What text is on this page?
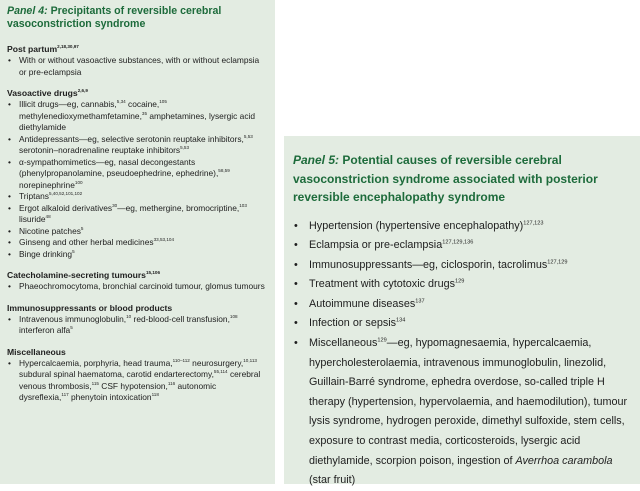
Panel 4: Precipitants of reversible cerebral vasoconstriction syndrome
Post partum$^{2,18,30,97}$
• With or without vasoactive substances, with or without eclampsia or pre-eclampsia
Vasoactive drugs$^{2,6,9}$
• Illicit drugs—eg, cannabis,$^{5,34}$ cocaine,$^{105}$ methylenedioxymethamfetamine,$^{35}$ amphetamines, lysergic acid diethylamide
• Antidepressants—eg, selective serotonin reuptake inhibitors,$^{5,53}$ serotonin–noradrenaline reuptake inhibitors$^{5,53}$
• α-sympathomimetics—eg, nasal decongestants (phenylpropanolamine, pseudoephedrine, ephedrine),$^{58,59}$ norepinephrine$^{100}$
• Triptans$^{5,40,52,101,102}$
• Ergot alkaloid derivatives$^{30}$—eg, methergine, bromocriptine,$^{103}$ lisuride$^{48}$
• Nicotine patches$^5$
• Ginseng and other herbal medicines$^{33,53,104}$
• Binge drinking$^5$
Catecholamine-secreting tumours$^{15,106}$
• Phaeochromocytoma, bronchial carcinoid tumour, glomus tumours
Immunosuppressants or blood products
• Intravenous immunoglobulin,$^{10}$ red-blood-cell transfusion,$^{108}$ interferon alfa$^5$
Miscellaneous
• Hypercalcaemia, porphyria, head trauma,$^{110-112}$ neurosurgery,$^{10,113}$ subdural spinal haematoma, carotid endarterectomy,$^{55,114}$ cerebral venous thrombosis,$^{115}$ CSF hypotension,$^{116}$ autonomic dysreflexia,$^{117}$ phenytoin intoxication$^{118}$
Panel 5: Potential causes of reversible cerebral vasoconstriction syndrome associated with posterior reversible encephalopathy syndrome
• Hypertension (hypertensive encephalopathy)$^{127,123}$
• Eclampsia or pre-eclampsia$^{127,129,136}$
• Immunosuppressants—eg, ciclosporin, tacrolimus$^{127,129}$
• Treatment with cytotoxic drugs$^{129}$
• Autoimmune diseases$^{137}$
• Infection or sepsis$^{134}$
• Miscellaneous$^{129}$—eg, hypomagnesaemia, hypercalcaemia, hypercholesterolaemia, intravenous immunoglobulin, linezolid, Guillain-Barré syndrome, ephedra overdose, so-called triple H therapy (hypertension, hypervolaemia, and haemodilution), tumour lysis syndrome, hydrogen peroxide, dimethyl sulfoxide, stem cells, exposure to contrast media, corticosteroids, lysergic acid diethylamide, scorpion poison, ingestion of Averrhoa carambola (star fruit)
